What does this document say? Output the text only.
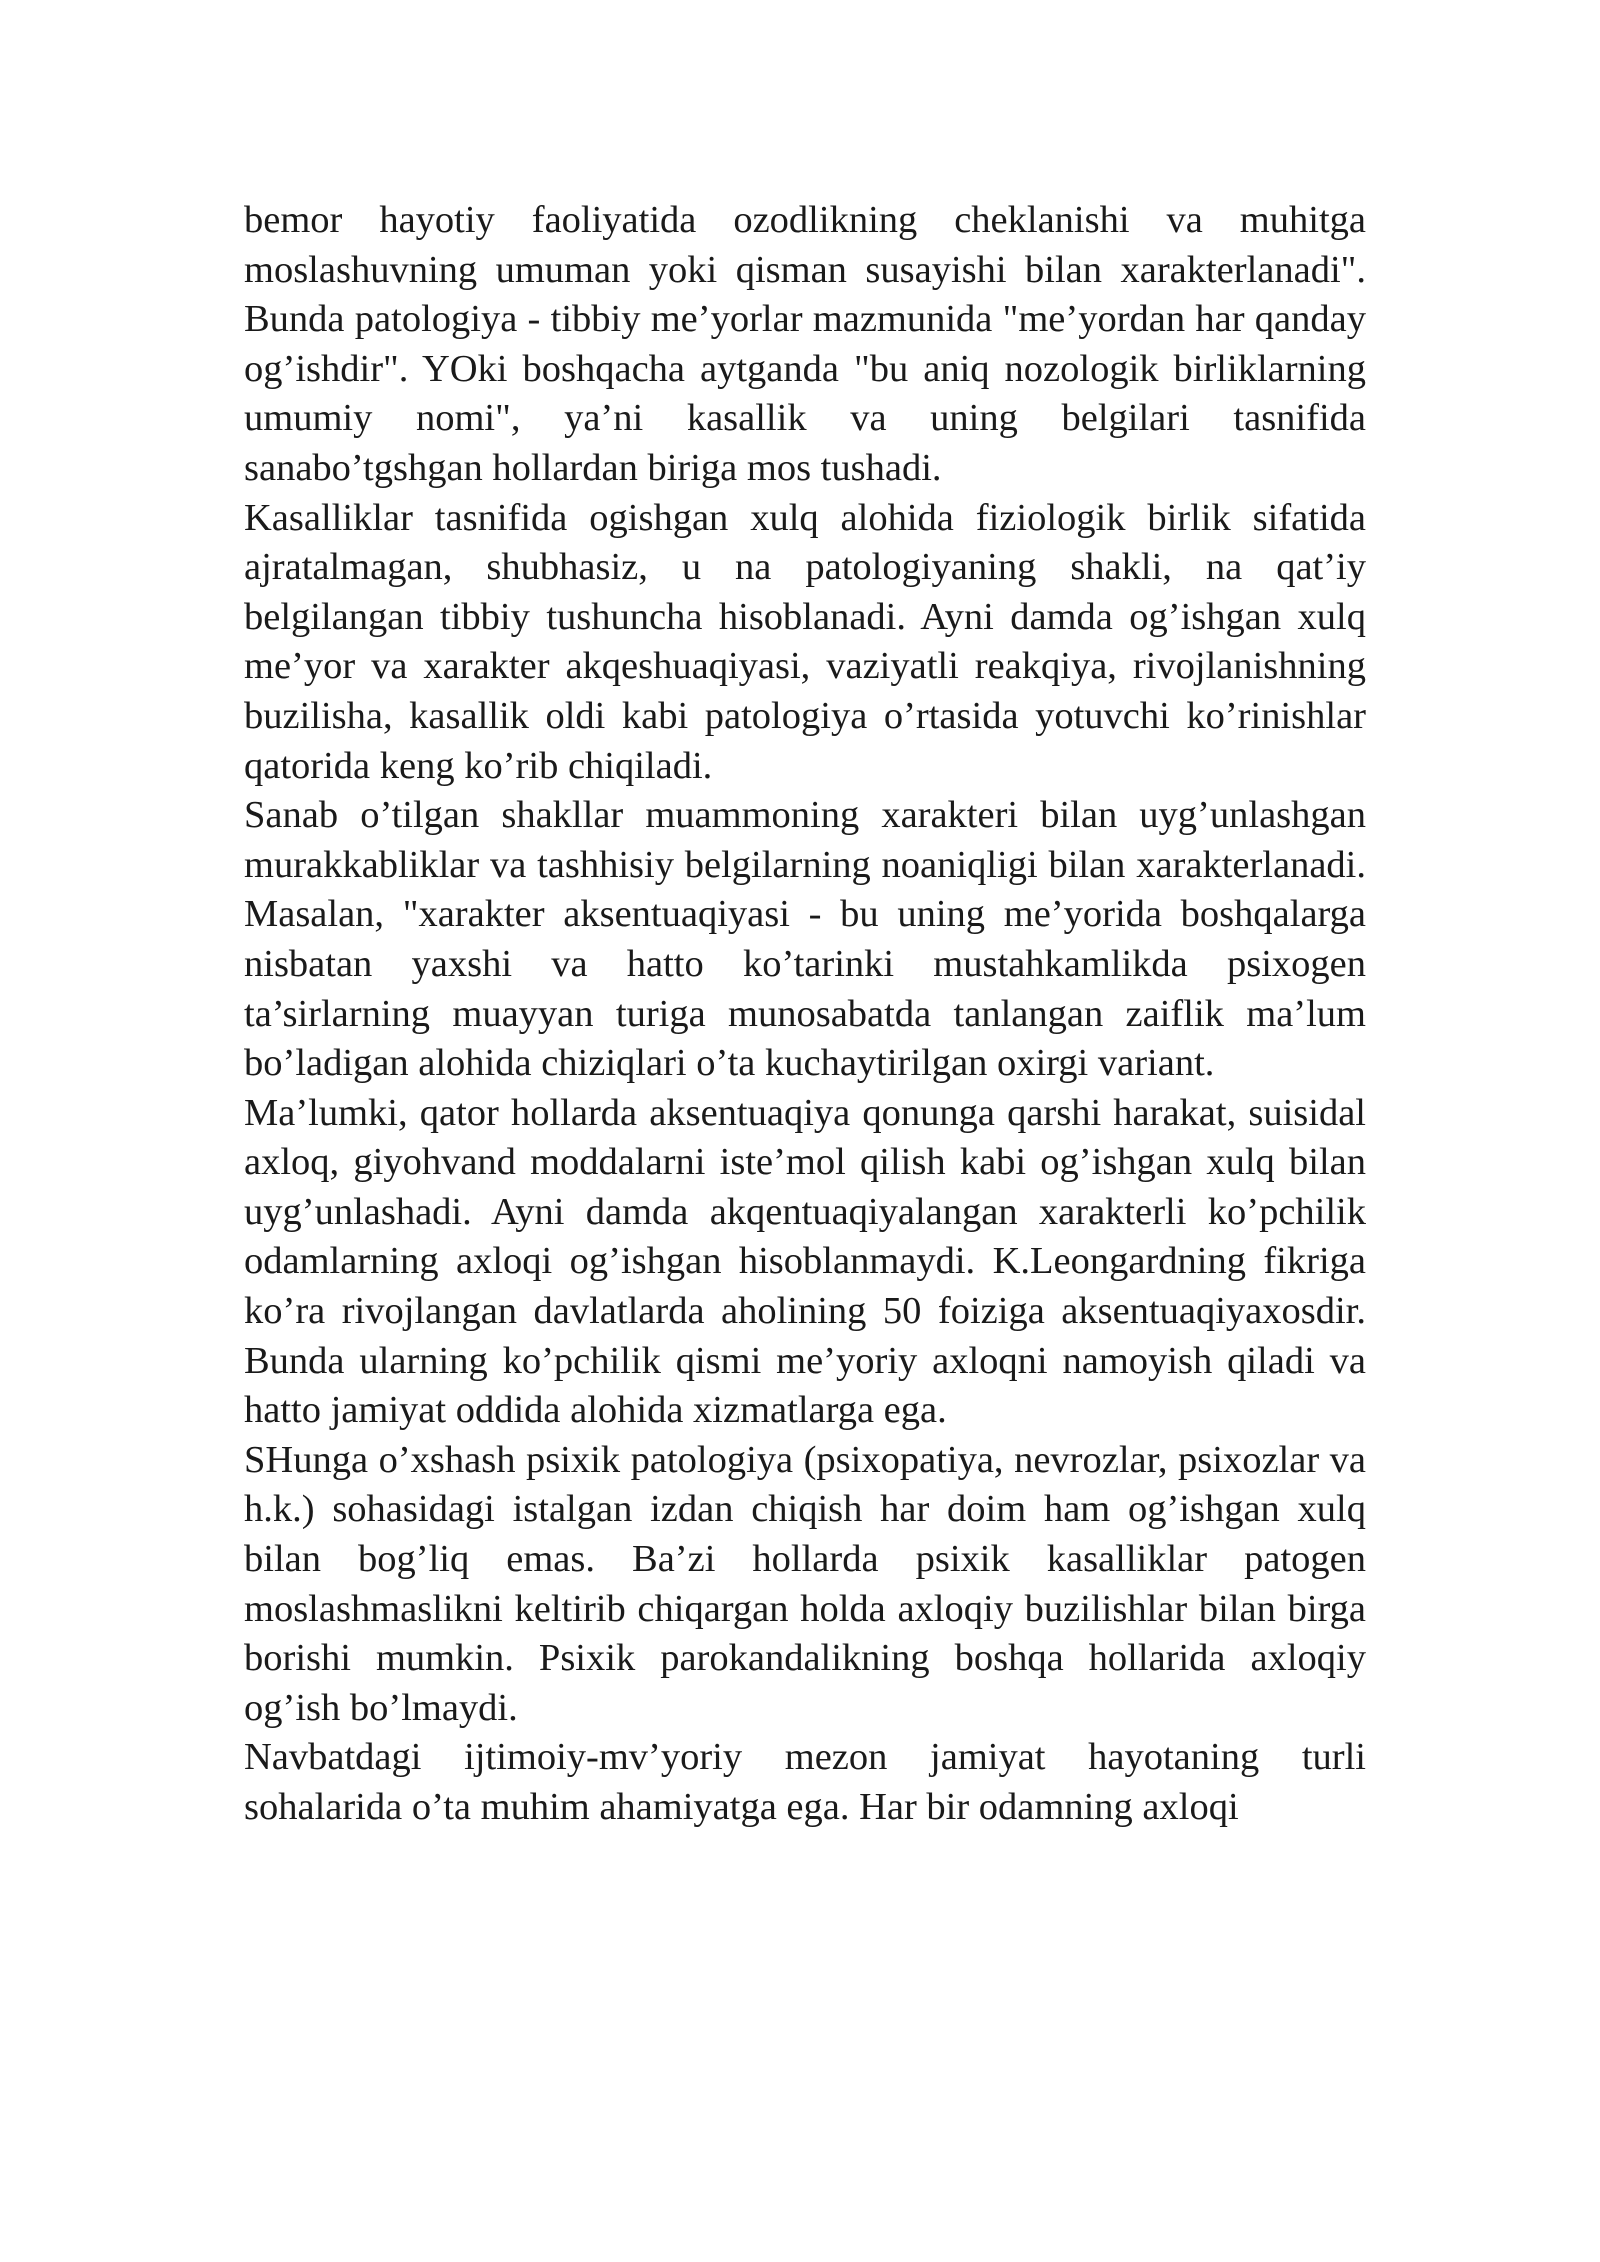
bemor hayotiy faoliyatida ozodlikning cheklanishi va muhitga moslashuvning umuman yoki qisman susayishi bilan xarakterlanadi". Bunda patologiya - tibbiy me’yorlar mazmunida "me’yordan har qanday og’ishdir". YOki boshqacha aytganda "bu aniq nozologik birliklarning umumiy nomi", ya’ni kasallik va uning belgilari tasnifida sanabo’tgshgan hollardan biriga mos tushadi.

Kasalliklar tasnifida ogishgan xulq alohida fiziologik birlik sifatida ajratalmagan, shubhasiz, u na patologiyaning shakli, na qat’iy belgilangan tibbiy tushuncha hisoblanadi. Ayni damda og’ishgan xulq me’yor va xarakter akqeshuaqiyasi, vaziyatli reakqiya, rivojlanishning buzilisha, kasallik oldi kabi patologiya o’rtasida yotuvchi ko’rinishlar qatorida keng ko’rib chiqiladi.

Sanab o’tilgan shakllar muammoning xarakteri bilan uyg’unlashgan murakkabliklar va tashhisiy belgilarning noaniqligi bilan xarakterlanadi. Masalan, "xarakter aksentuaqiyasi - bu uning me’yorida boshqalarga nisbatan yaxshi va hatto ko’tarinki mustahkamlikda psixogen ta’sirlarning muayyan turiga munosabatda tanlangan zaiflik ma’lum bo’ladigan alohida chiziqlari o’ta kuchaytirilgan oxirgi variant.

Ma’lumki, qator hollarda aksentuaqiya qonunga qarshi harakat, suisidal axloq, giyohvand moddalarni iste’mol qilish kabi og’ishgan xulq bilan uyg’unlashadi. Ayni damda akqentuaqiyalangan xarakterli ko’pchilik odamlarning axloqi og’ishgan hisoblanmaydi. K.Leongardning fikriga ko’ra rivojlangan davlatlarda aholining 50 foiziga aksentuaqiyaxosdir. Bunda ularning ko’pchilik qismi me’yoriy axloqni namoyish qiladi va hatto jamiyat oddida alohida xizmatlarga ega.

SHunga o’xshash psixik patologiya (psixopatiya, nevrozlar, psixozlar va h.k.) sohasidagi istalgan izdan chiqish har doim ham og’ishgan xulq bilan bog’liq emas. Ba’zi hollarda psixik kasalliklar patogen moslashmaslikni keltirib chiqargan holda axloqiy buzilishlar bilan birga borishi mumkin. Psixik parokandalikning boshqa hollarida axloqiy og’ish bo’lmaydi.

Navbatdagi ijtimoiy-mv’yoriy mezon jamiyat hayotaning turli sohalarida o’ta muhim ahamiyatga ega. Har bir odamning axloqi
